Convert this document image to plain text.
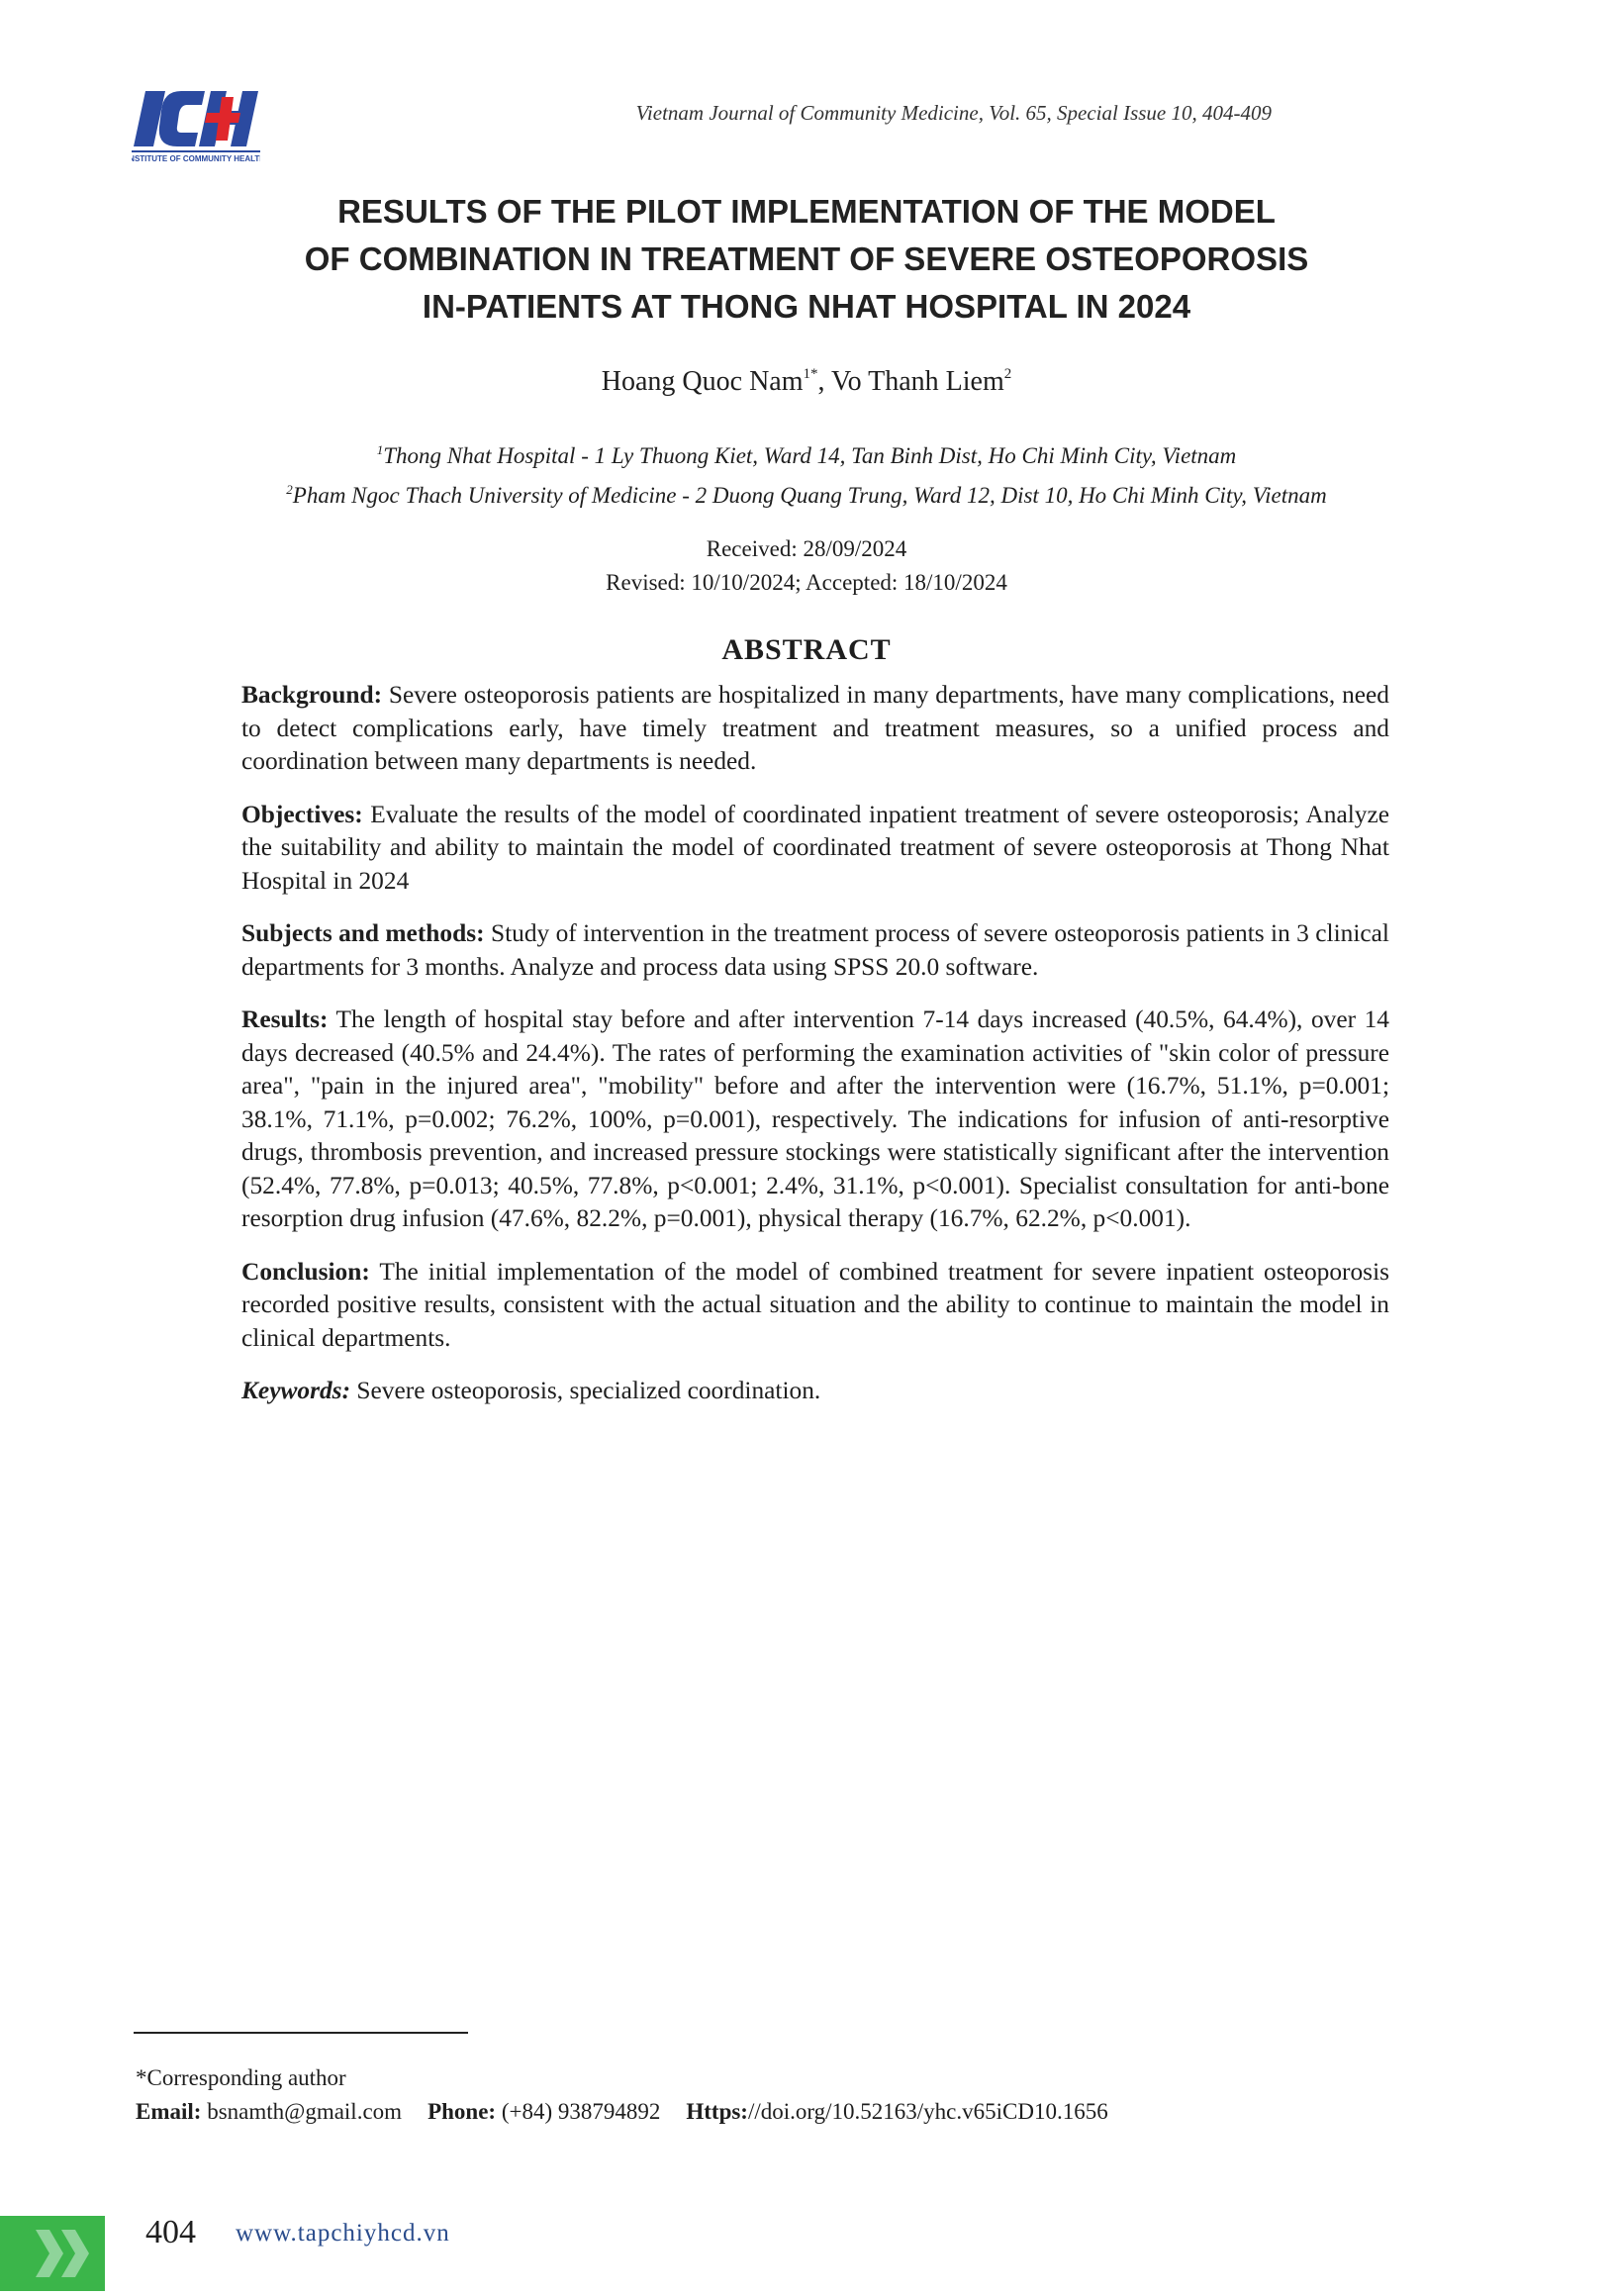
INSTITUTE OF COMMUNITY HEALTH
Vietnam Journal of Community Medicine, Vol. 65, Special Issue 10, 404-409
RESULTS OF THE PILOT IMPLEMENTATION OF THE MODEL
OF COMBINATION IN TREATMENT OF SEVERE OSTEOPOROSIS
IN-PATIENTS AT THONG NHAT HOSPITAL IN 2024
Hoang Quoc Nam$^{1*}$, Vo Thanh Liem$^2$
$^1$Thong Nhat Hospital - 1 Ly Thuong Kiet, Ward 14, Tan Binh Dist, Ho Chi Minh City, Vietnam
$^2$Pham Ngoc Thach University of Medicine - 2 Duong Quang Trung, Ward 12, Dist 10, Ho Chi Minh City, Vietnam
Received: 28/09/2024
Revised: 10/10/2024; Accepted: 18/10/2024
ABSTRACT

Background: Severe osteoporosis patients are hospitalized in many departments, have many complications, need to detect complications early, have timely treatment and treatment measures, so a unified process and coordination between many departments is needed.

Objectives: Evaluate the results of the model of coordinated inpatient treatment of severe osteoporosis; Analyze the suitability and ability to maintain the model of coordinated treatment of severe osteoporosis at Thong Nhat Hospital in 2024

Subjects and methods: Study of intervention in the treatment process of severe osteoporosis patients in 3 clinical departments for 3 months. Analyze and process data using SPSS 20.0 software.

Results: The length of hospital stay before and after intervention 7-14 days increased (40.5%, 64.4%), over 14 days decreased (40.5% and 24.4%). The rates of performing the examination activities of "skin color of pressure area", "pain in the injured area", "mobility" before and after the intervention were (16.7%, 51.1%, p=0.001; 38.1%, 71.1%, p=0.002; 76.2%, 100%, p=0.001), respectively. The indications for infusion of anti-resorptive drugs, thrombosis prevention, and increased pressure stockings were statistically significant after the intervention (52.4%, 77.8%, p=0.013; 40.5%, 77.8%, p<0.001; 2.4%, 31.1%, p<0.001). Specialist consultation for anti-bone resorption drug infusion (47.6%, 82.2%, p=0.001), physical therapy (16.7%, 62.2%, p<0.001).

Conclusion: The initial implementation of the model of combined treatment for severe inpatient osteoporosis recorded positive results, consistent with the actual situation and the ability to continue to maintain the model in clinical departments.

Keywords: Severe osteoporosis, specialized coordination.

*Corresponding author
Email: bsnamth@gmail.com Phone: (+84) 938794892 Https://doi.org/10.52163/yhc.v65iCD10.1656
404 www.tapchiyhcd.vn
